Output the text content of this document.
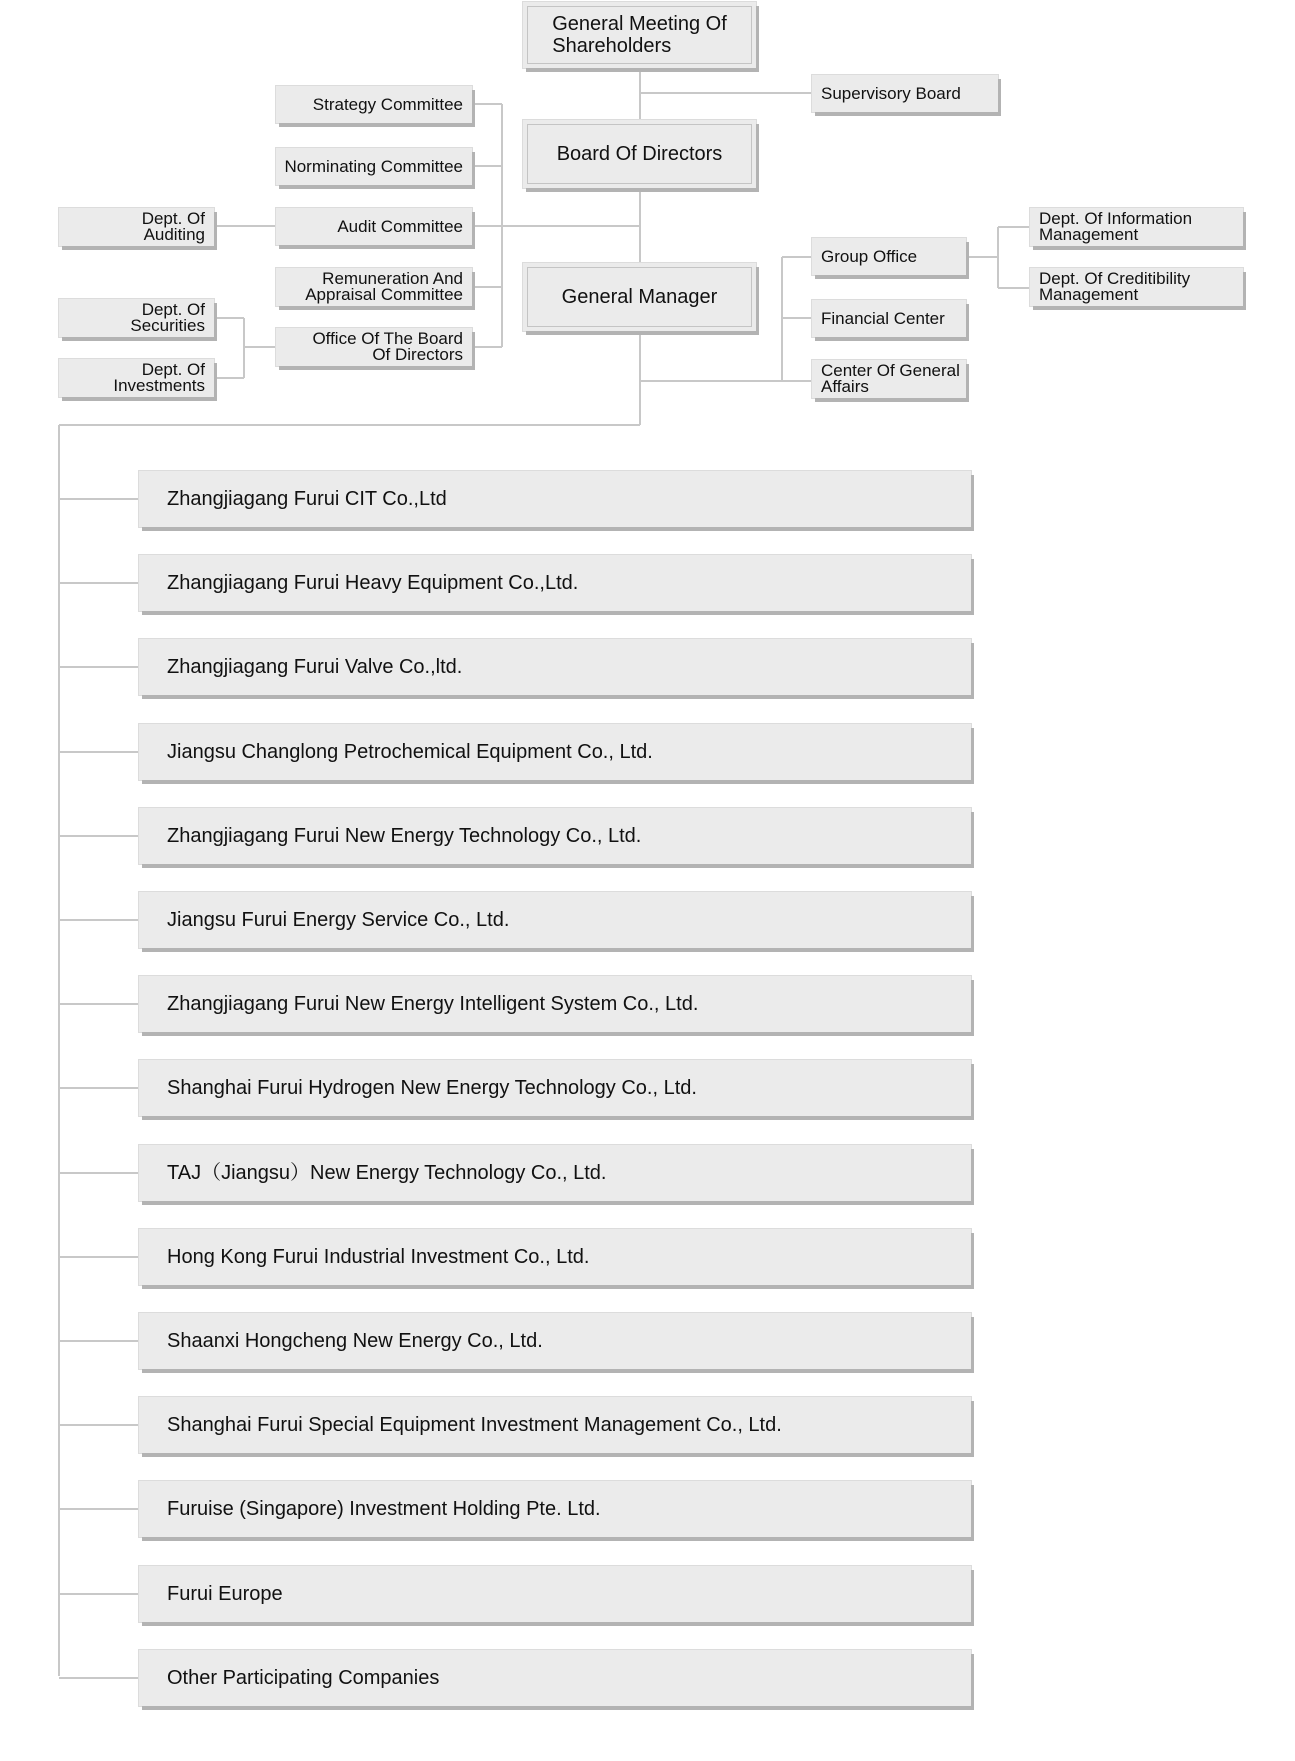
General Meeting Of
Shareholders
Supervisory Board
Board Of Directors
General Manager
Strategy Committee
Norminating Committee
Audit Committee
Remuneration And
Appraisal Committee
Office Of The Board
Of Directors
Dept. Of
Auditing
Dept. Of
Securities
Dept. Of
Investments
Group Office
Financial Center
Center Of General
Affairs
Dept. Of Information
Management
Dept. Of Creditibility
Management
Zhangjiagang Furui CIT Co.,Ltd
Zhangjiagang Furui Heavy Equipment Co.,Ltd.
Zhangjiagang Furui Valve Co.,ltd.
Jiangsu Changlong Petrochemical Equipment Co., Ltd.
Zhangjiagang Furui New Energy Technology Co., Ltd.
Jiangsu Furui Energy Service Co., Ltd.
Zhangjiagang Furui New Energy Intelligent System Co., Ltd.
Shanghai Furui Hydrogen New Energy Technology Co., Ltd.
TAJ（Jiangsu）New Energy Technology Co., Ltd.
Hong Kong Furui Industrial Investment Co., Ltd.
Shaanxi Hongcheng New Energy Co., Ltd.
Shanghai Furui Special Equipment Investment Management Co., Ltd.
Furuise (Singapore) Investment Holding Pte. Ltd.
Furui Europe
Other Participating Companies
